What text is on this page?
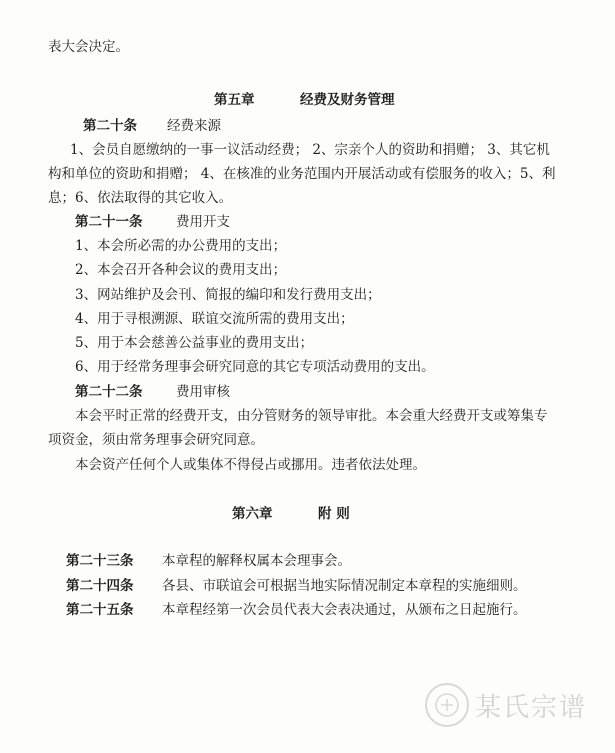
表大会决定。
第五章	经费及财务管理
第二十条 经费来源
1、会员自愿缴纳的一事一议活动经费； 2、宗亲个人的资助和捐赠； 3、其它机
构和单位的资助和捐赠； 4、在核准的业务范围内开展活动或有偿服务的收入；5、利
息；6、依法取得的其它收入。
第二十一条 费用开支
1、本会所必需的办公费用的支出；
2、本会召开各种会议的费用支出；
3、网站维护及会刊、简报的编印和发行费用支出；
4、用于寻根溯源、联谊交流所需的费用支出；
5、用于本会慈善公益事业的费用支出；
6、用于经常务理事会研究同意的其它专项活动费用的支出。
第二十二条 费用审核
本会平时正常的经费开支，由分管财务的领导审批。本会重大经费开支或筹集专
项资金，须由常务理事会研究同意。
本会资产任何个人或集体不得侵占或挪用。违者依法处理。
第六章	附 则
第二十三条 本章程的解释权属本会理事会。
第二十四条 各县、市联谊会可根据当地实际情况制定本章程的实施细则。
第二十五条 本章程经第一次会员代表大会表决通过，从颁布之日起施行。
某氏宗谱
